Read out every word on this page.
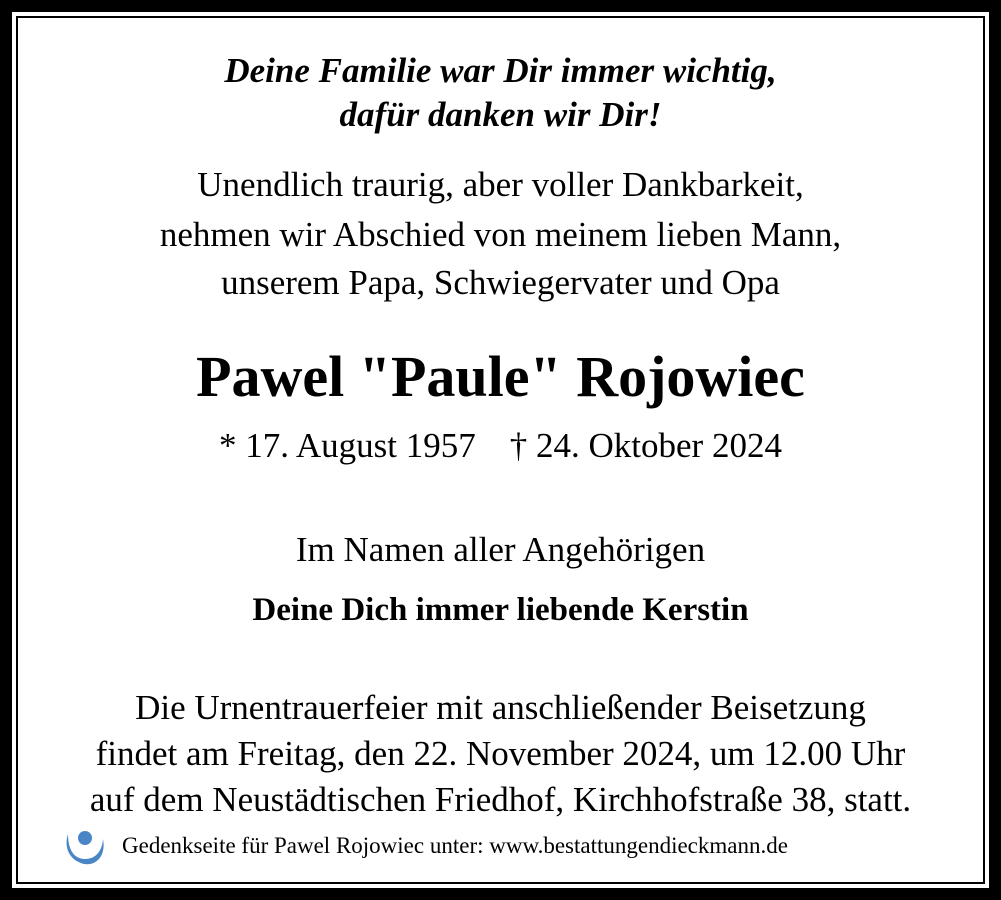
Deine Familie war Dir immer wichtig,
dafür danken wir Dir!
Unendlich traurig, aber voller Dankbarkeit,
nehmen wir Abschied von meinem lieben Mann,
unserem Papa, Schwiegervater und Opa
Pawel "Paule" Rojowiec
* 17. August 1957 † 24. Oktober 2024
Im Namen aller Angehörigen
Deine Dich immer liebende Kerstin
Die Urnentrauerfeier mit anschließender Beisetzung
findet am Freitag, den 22. November 2024, um 12.00 Uhr
auf dem Neustädtischen Friedhof, Kirchhofstraße 38, statt.
Gedenkseite für Pawel Rojowiec unter: www.bestattungendieckmann.de
